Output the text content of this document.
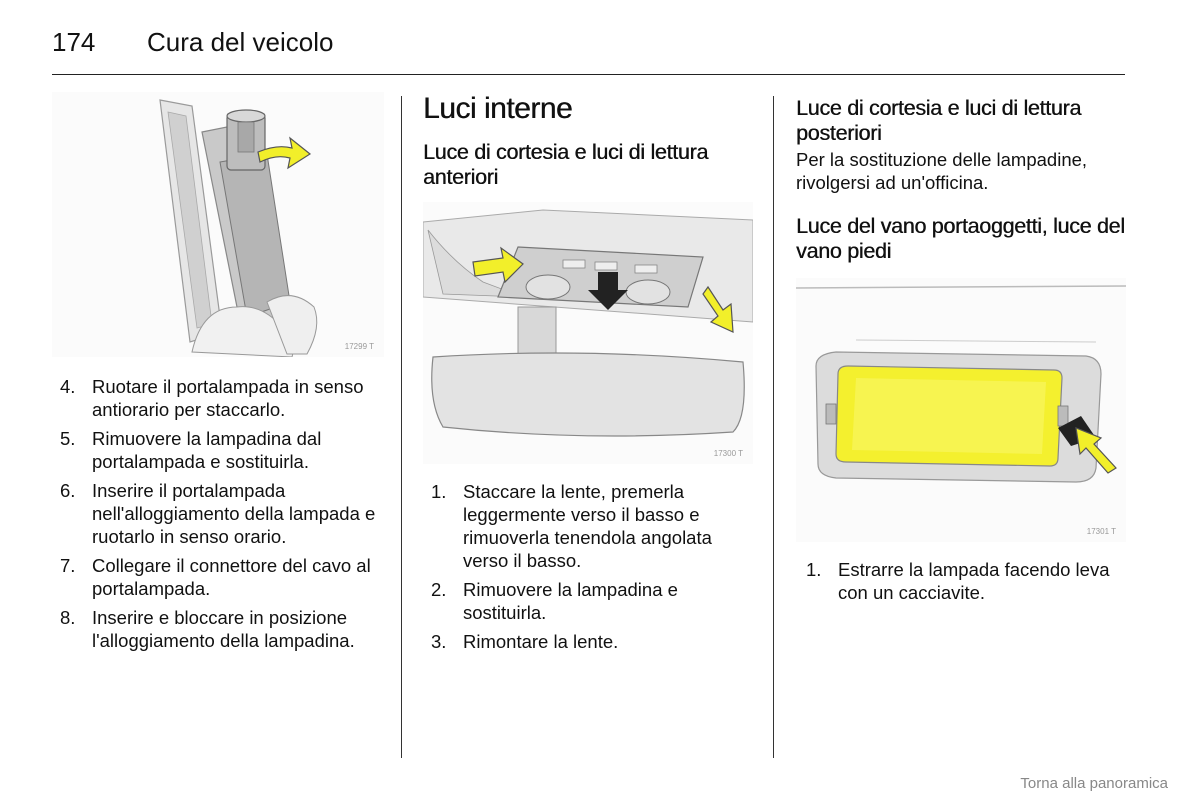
174	Cura del veicolo
17299 T
4. Ruotare il portalampada in senso antiorario per staccarlo.
5. Rimuovere la lampadina dal portalampada e sostituirla.
6. Inserire il portalampada nell'alloggiamento della lampada e ruotarlo in senso orario.
7. Collegare il connettore del cavo al portalampada.
8. Inserire e bloccare in posizione l'alloggiamento della lampadina.
Luci interne
Luce di cortesia e luci di lettura anteriori
17300 T
1. Staccare la lente, premerla leggermente verso il basso e rimuoverla tenendola angolata verso il basso.
2. Rimuovere la lampadina e sostituirla.
3. Rimontare la lente.
Luce di cortesia e luci di lettura posteriori

Per la sostituzione delle lampadine, rivolgersi ad un'officina.

Luce del vano portaoggetti, luce del vano piedi
17301 T
1. Estrarre la lampada facendo leva con un cacciavite.
Torna alla panoramica
